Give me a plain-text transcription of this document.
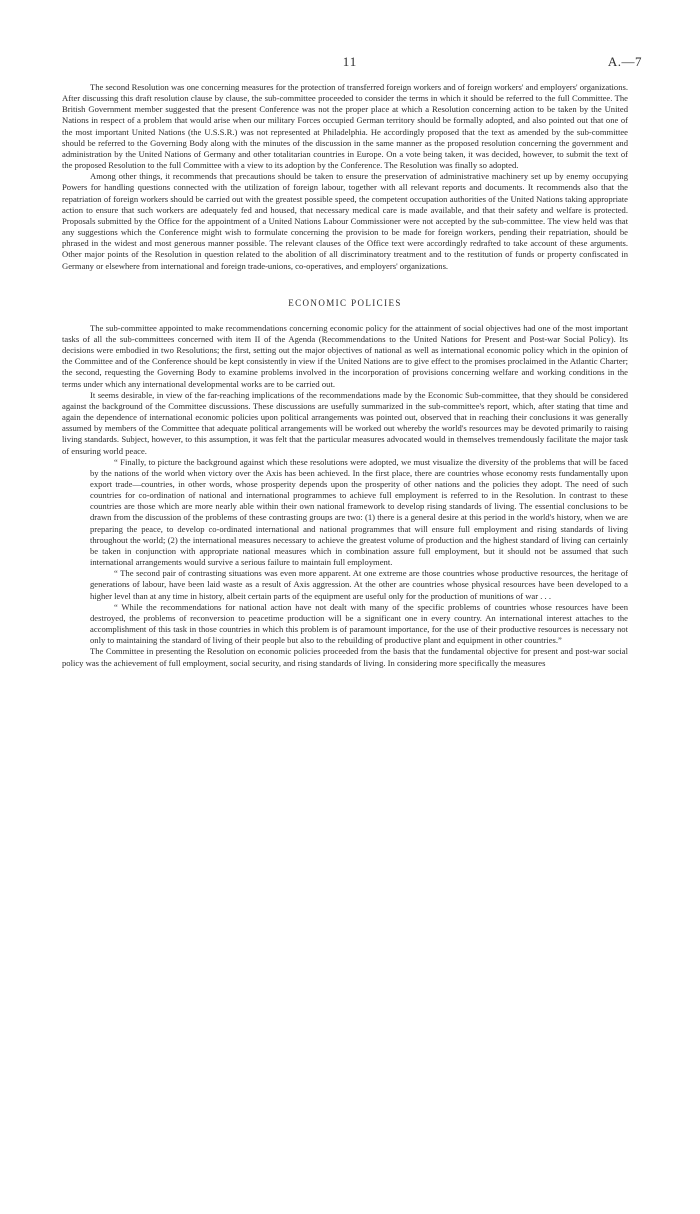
11	A.—7

The second Resolution was one concerning measures for the protection of transferred foreign workers and of foreign workers' and employers' organizations. After discussing this draft resolution clause by clause, the sub-committee proceeded to consider the terms in which it should be referred to the full Committee. The British Government member suggested that the present Conference was not the proper place at which a Resolution concerning action to be taken by the United Nations in respect of a problem that would arise when our military Forces occupied German territory should be formally adopted, and also pointed out that one of the most important United Nations (the U.S.S.R.) was not represented at Philadelphia. He accordingly proposed that the text as amended by the sub-committee should be referred to the Governing Body along with the minutes of the discussion in the same manner as the proposed resolution concerning the government and administration by the United Nations of Germany and other totalitarian countries in Europe. On a vote being taken, it was decided, however, to submit the text of the proposed Resolution to the full Committee with a view to its adoption by the Conference. The Resolution was finally so adopted.

Among other things, it recommends that precautions should be taken to ensure the preservation of administrative machinery set up by enemy occupying Powers for handling questions connected with the utilization of foreign labour, together with all relevant reports and documents. It recommends also that the repatriation of foreign workers should be carried out with the greatest possible speed, the competent occupation authorities of the United Nations taking appropriate action to ensure that such workers are adequately fed and housed, that necessary medical care is made available, and that their safety and welfare is protected. Proposals submitted by the Office for the appointment of a United Nations Labour Commissioner were not accepted by the sub-committee. The view held was that any suggestions which the Conference might wish to formulate concerning the provision to be made for foreign workers, pending their repatriation, should be phrased in the widest and most generous manner possible. The relevant clauses of the Office text were accordingly redrafted to take account of these arguments. Other major points of the Resolution in question related to the abolition of all discriminatory treatment and to the restitution of funds or property confiscated in Germany or elsewhere from international and foreign trade-unions, co-operatives, and employers' organizations.

ECONOMIC POLICIES

The sub-committee appointed to make recommendations concerning economic policy for the attainment of social objectives had one of the most important tasks of all the sub-committees concerned with item II of the Agenda (Recommendations to the United Nations for Present and Post-war Social Policy). Its decisions were embodied in two Resolutions; the first, setting out the major objectives of national as well as international economic policy which in the opinion of the Committee and of the Conference should be kept consistently in view if the United Nations are to give effect to the promises proclaimed in the Atlantic Charter; the second, requesting the Governing Body to examine problems involved in the incorporation of provisions concerning welfare and working conditions in the terms under which any international developmental works are to be carried out.

It seems desirable, in view of the far-reaching implications of the recommendations made by the Economic Sub-committee, that they should be considered against the background of the Committee discussions. These discussions are usefully summarized in the sub-committee's report, which, after stating that time and again the dependence of international economic policies upon political arrangements was pointed out, observed that in reaching their conclusions it was generally assumed by members of the Committee that adequate political arrangements will be worked out whereby the world's resources may be devoted primarily to raising living standards. Subject, however, to this assumption, it was felt that the particular measures advocated would in themselves tremendously facilitate the major task of ensuring world peace.

“ Finally, to picture the background against which these resolutions were adopted, we must visualize the diversity of the problems that will be faced by the nations of the world when victory over the Axis has been achieved. In the first place, there are countries whose economy rests fundamentally upon export trade—countries, in other words, whose prosperity depends upon the prosperity of other nations and the policies they adopt. The need of such countries for co-ordination of national and international programmes to achieve full employment is referred to in the Resolution. In contrast to these countries are those which are more nearly able within their own national framework to develop rising standards of living. The essential conclusions to be drawn from the discussion of the problems of these contrasting groups are two: (1) there is a general desire at this period in the world's history, when we are preparing the peace, to develop co-ordinated international and national programmes that will ensure full employment and rising standards of living throughout the world; (2) the international measures necessary to achieve the greatest volume of production and the highest standard of living can certainly be taken in conjunction with appropriate national measures which in combination assure full employment, but it should not be assumed that such international arrangements would survive a serious failure to maintain full employment.

“ The second pair of contrasting situations was even more apparent. At one extreme are those countries whose productive resources, the heritage of generations of labour, have been laid waste as a result of Axis aggression. At the other are countries whose physical resources have been developed to a higher level than at any time in history, albeit certain parts of the equipment are useful only for the production of munitions of war . . .

“ While the recommendations for national action have not dealt with many of the specific problems of countries whose resources have been destroyed, the problems of reconversion to peacetime production will be a significant one in every country. An international interest attaches to the accomplishment of this task in those countries in which this problem is of paramount importance, for the use of their productive resources is necessary not only to maintaining the standard of living of their people but also to the rebuilding of productive plant and equipment in other countries.”

The Committee in presenting the Resolution on economic policies proceeded from the basis that the fundamental objective for present and post-war social policy was the achievement of full employment, social security, and rising standards of living. In considering more specifically the measures
